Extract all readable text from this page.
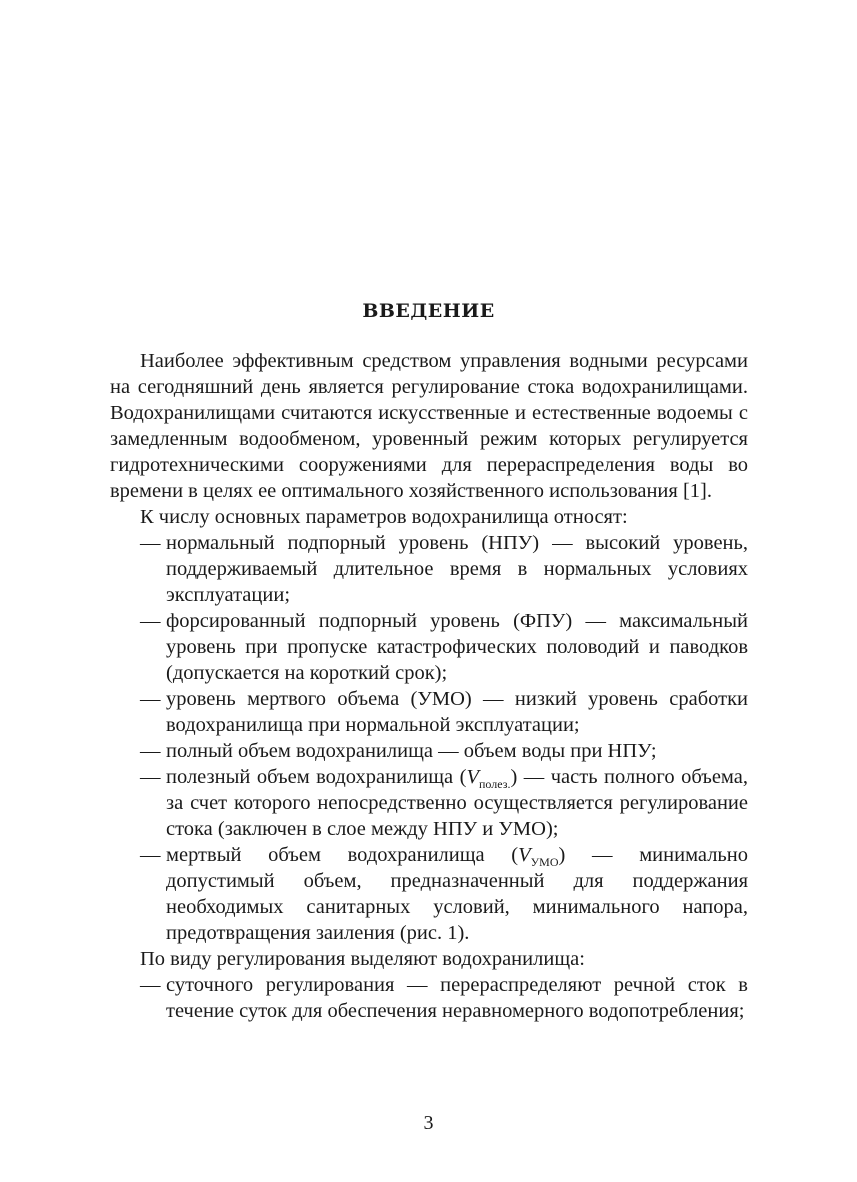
ВВЕДЕНИЕ

Наиболее эффективным средством управления водными ресурсами на сегодняшний день является регулирование стока водохранилищами. Водохранилищами считаются искусственные и естественные водоемы с замедленным водообменом, уровенный режим которых регулируется гидротехническими сооружениями для перераспределения воды во времени в целях ее оптимального хозяйственного использования [1].

К числу основных параметров водохранилища относят:

— нормальный подпорный уровень (НПУ) — высокий уровень, поддерживаемый длительное время в нормальных условиях эксплуатации;
— форсированный подпорный уровень (ФПУ) — максимальный уровень при пропуске катастрофических половодий и паводков (допускается на короткий срок);
— уровень мертвого объема (УМО) — низкий уровень сработки водохранилища при нормальной эксплуатации;
— полный объем водохранилища — объем воды при НПУ;
— полезный объем водохранилища $(V_{полез.})$ — часть полного объема, за счет которого непосредственно осуществляется регулирование стока (заключен в слое между НПУ и УМО);
— мертвый объем водохранилища $(V_{УМО})$ — минимально допустимый объем, предназначенный для поддержания необходимых санитарных условий, минимального напора, предотвращения заиления (рис. 1).

По виду регулирования выделяют водохранилища:

— суточного регулирования — перераспределяют речной сток в течение суток для обеспечения неравномерного водопотребления;
3
